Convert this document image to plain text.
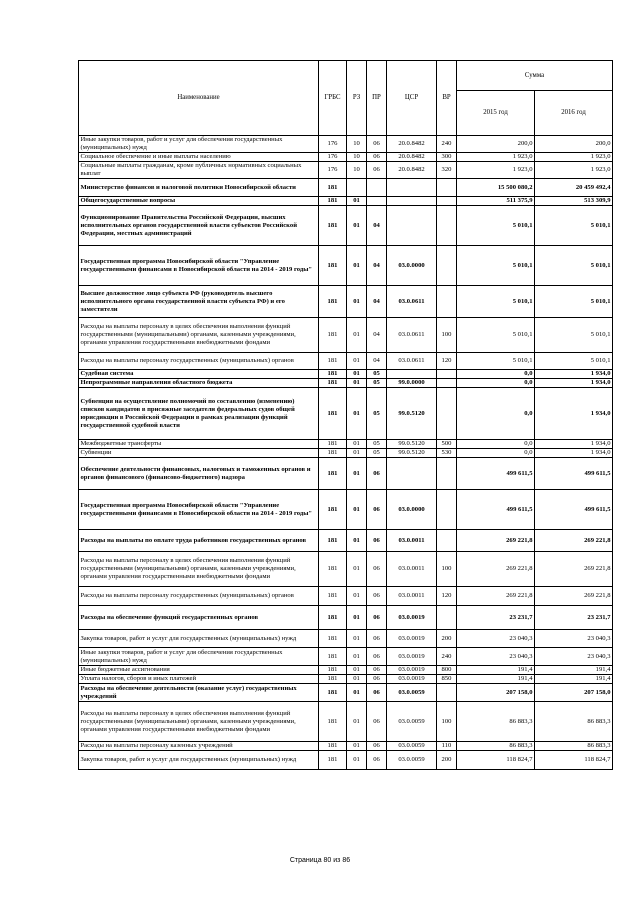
Наименование	ГРБС	РЗ	ПР	ЦСР	ВР	Сумма	
						2015 год	2016 год
Иные закупки товаров, работ и услуг для обеспечения государственных (муниципальных) нужд	176	10	06	20.0.8482	240	200,0	200,0
Социальное обеспечение и иные выплаты населению	176	10	06	20.0.8482	300	1 923,0	1 923,0
Социальные выплаты гражданам, кроме публичных нормативных социальных выплат	176	10	06	20.0.8482	320	1 923,0	1 923,0
Министерство финансов и налоговой политики Новосибирской области	181					15 500 080,2	20 459 492,4
Общегосударственные вопросы	181	01				511 375,9	513 309,9
Функционирование Правительства Российской Федерации, высших исполнительных органов государственной власти субъектов Российской Федерации, местных администраций	181	01	04			5 010,1	5 010,1
Государственная программа Новосибирской области "Управление государственными финансами в Новосибирской области на 2014 - 2019 годы"	181	01	04	03.0.0000		5 010,1	5 010,1
Высшее должностное лицо субъекта РФ (руководитель высшего исполнительного органа государственной власти субъекта РФ) и его заместители	181	01	04	03.0.0611		5 010,1	5 010,1
Расходы на выплаты персоналу в целях обеспечения выполнения функций государственными (муниципальными) органами, казенными учреждениями, органами управления государственными внебюджетными фондами	181	01	04	03.0.0611	100	5 010,1	5 010,1
Расходы на выплаты персоналу государственных (муниципальных) органов	181	01	04	03.0.0611	120	5 010,1	5 010,1
Судебная система	181	01	05			0,0	1 934,0
Непрограммные направления областного бюджета	181	01	05	99.0.0000		0,0	1 934,0
Субвенция на осуществление полномочий по составлению (изменению) списков кандидатов в присяжные заседатели федеральных судов общей юрисдикции в Российской Федерации в рамках реализации функций государственной судебной власти	181	01	05	99.0.5120		0,0	1 934,0
Межбюджетные трансферты	181	01	05	99.0.5120	500	0,0	1 934,0
Субвенции	181	01	05	99.0.5120	530	0,0	1 934,0
Обеспечение деятельности финансовых, налоговых и таможенных органов и органов финансового (финансово-бюджетного) надзора	181	01	06			499 611,5	499 611,5
Государственная программа Новосибирской области "Управление государственными финансами в Новосибирской области на 2014 - 2019 годы"	181	01	06	03.0.0000		499 611,5	499 611,5
Расходы на выплаты по оплате труда работников государственных органов	181	01	06	03.0.0011		269 221,8	269 221,8
Расходы на выплаты персоналу в целях обеспечения выполнения функций государственными (муниципальными) органами, казенными учреждениями, органами управления государственными внебюджетными фондами	181	01	06	03.0.0011	100	269 221,8	269 221,8
Расходы на выплаты персоналу государственных (муниципальных) органов	181	01	06	03.0.0011	120	269 221,8	269 221,8
Расходы на обеспечение функций государственных органов	181	01	06	03.0.0019		23 231,7	23 231,7
Закупка товаров, работ и услуг для государственных (муниципальных) нужд	181	01	06	03.0.0019	200	23 040,3	23 040,3
Иные закупки товаров, работ и услуг для обеспечения государственных (муниципальных) нужд	181	01	06	03.0.0019	240	23 040,3	23 040,3
Иные бюджетные ассигнования	181	01	06	03.0.0019	800	191,4	191,4
Уплата налогов, сборов и иных платежей	181	01	06	03.0.0019	850	191,4	191,4
Расходы на обеспечение деятельности (оказание услуг) государственных учреждений	181	01	06	03.0.0059		207 158,0	207 158,0
Расходы на выплаты персоналу в целях обеспечения выполнения функций государственными (муниципальными) органами, казенными учреждениями, органами управления государственными внебюджетными фондами	181	01	06	03.0.0059	100	86 883,3	86 883,3
Расходы на выплаты персоналу казенных учреждений	181	01	06	03.0.0059	110	86 883,3	86 883,3
Закупка товаров, работ и услуг для государственных (муниципальных) нужд	181	01	06	03.0.0059	200	118 824,7	118 824,7
Страница 80 из 86
